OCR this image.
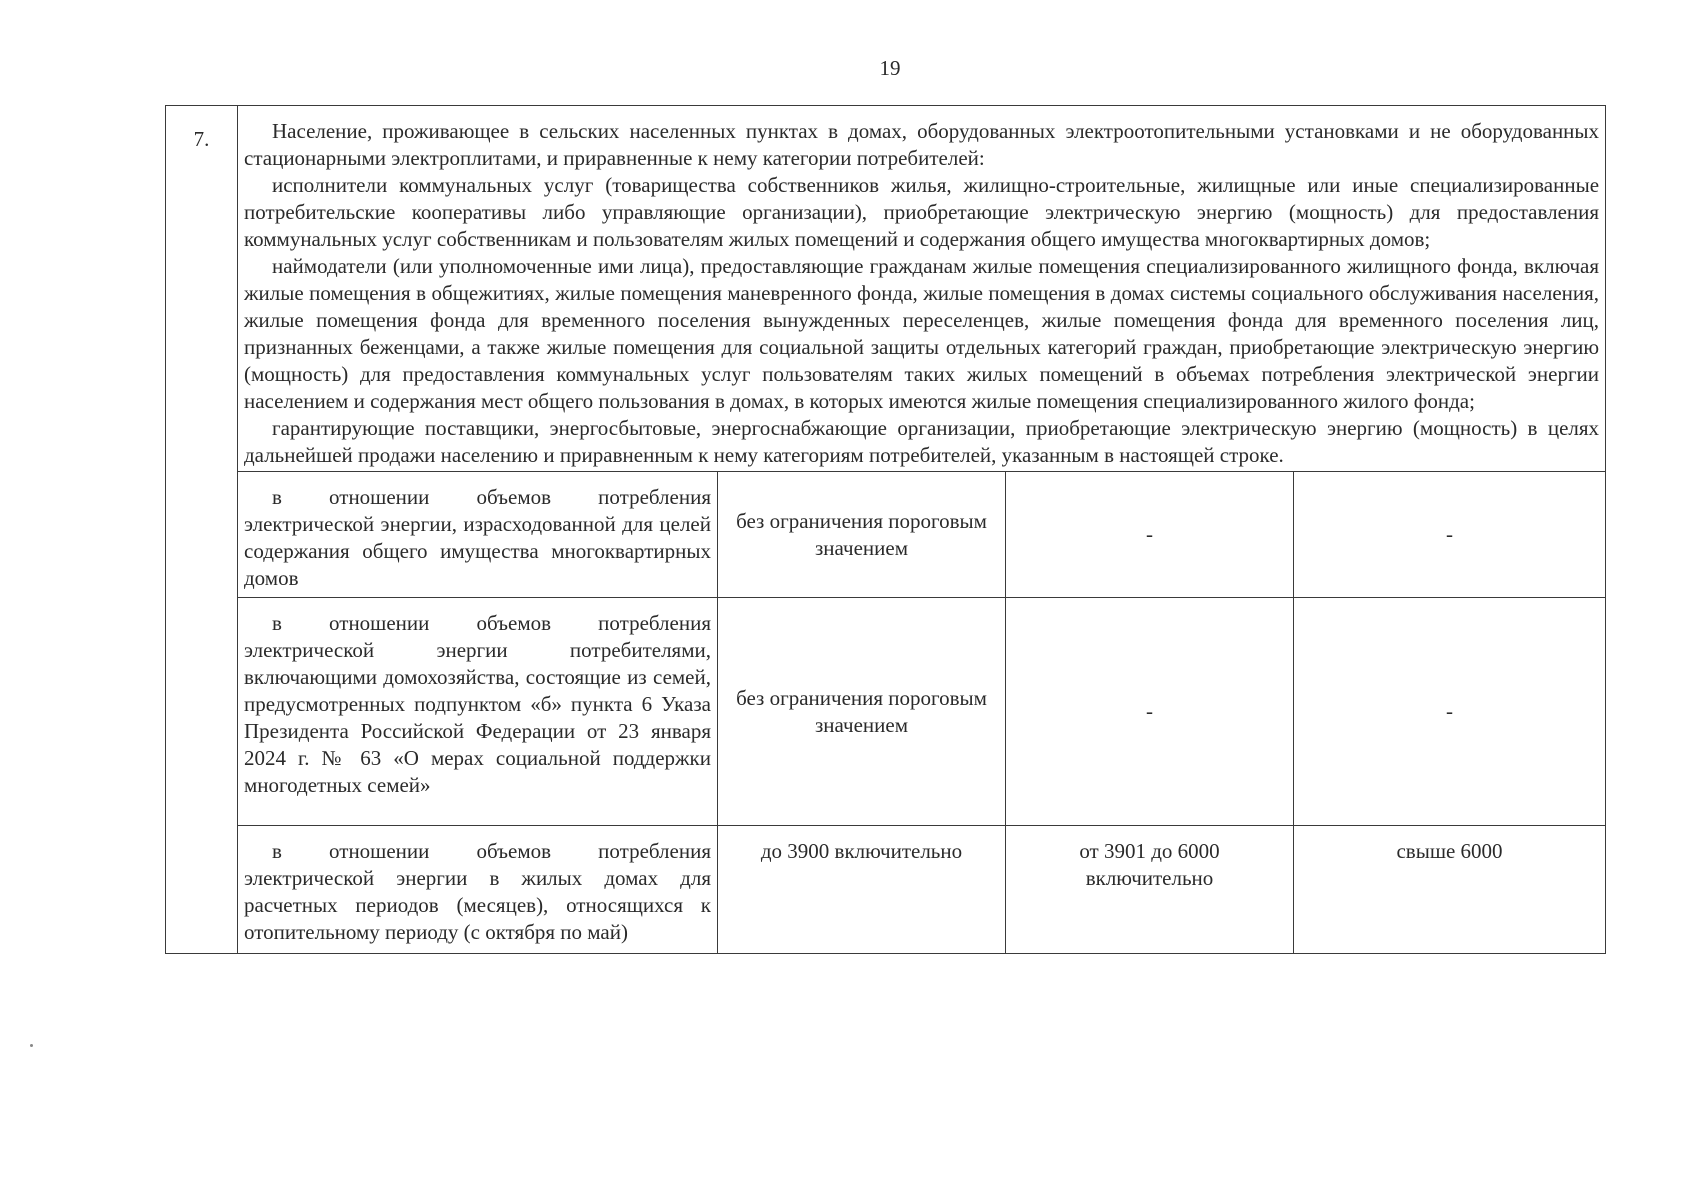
19
7.	Население, проживающее в сельских населенных пунктах в домах, оборудованных электроотопительными установками и не оборудованных стационарными электроплитами, и приравненные к нему категории потребителей:

исполнители коммунальных услуг (товарищества собственников жилья, жилищно-строительные, жилищные или иные специализированные потребительские кооперативы либо управляющие организации), приобретающие электрическую энергию (мощность) для предоставления коммунальных услуг собственникам и пользователям жилых помещений и содержания общего имущества многоквартирных домов;

наймодатели (или уполномоченные ими лица), предоставляющие гражданам жилые помещения специализированного жилищного фонда, включая жилые помещения в общежитиях, жилые помещения маневренного фонда, жилые помещения в домах системы социального обслуживания населения, жилые помещения фонда для временного поселения вынужденных переселенцев, жилые помещения фонда для временного поселения лиц, признанных беженцами, а также жилые помещения для социальной защиты отдельных категорий граждан, приобретающие электрическую энергию (мощность) для предоставления коммунальных услуг пользователям таких жилых помещений в объемах потребления электрической энергии населением и содержания мест общего пользования в домах, в которых имеются жилые помещения специализированного жилого фонда;

гарантирующие поставщики, энергосбытовые, энергоснабжающие организации, приобретающие электрическую энергию (мощность) в целях дальнейшей продажи населению и приравненным к нему категориям потребителей, указанным в настоящей строке.			

	в отношении объемов потребления электрической энергии, израсходованной для целей содержания общего имущества многоквартирных домов	без ограничения пороговым значением	-	-

	в отношении объемов потребления электрической энергии потребителями, включающими домохозяйства, состоящие из семей, предусмотренных подпунктом «б» пункта 6 Указа Президента Российской Федерации от 23 января 2024 г. № 63 «О мерах социальной поддержки многодетных семей»	без ограничения пороговым значением	-	-

	в отношении объемов потребления электрической энергии в жилых домах для расчетных периодов (месяцев), относящихся к отопительному периоду (с октября по май)	до 3900 включительно	от 3901 до 6000 включительно	свыше 6000
